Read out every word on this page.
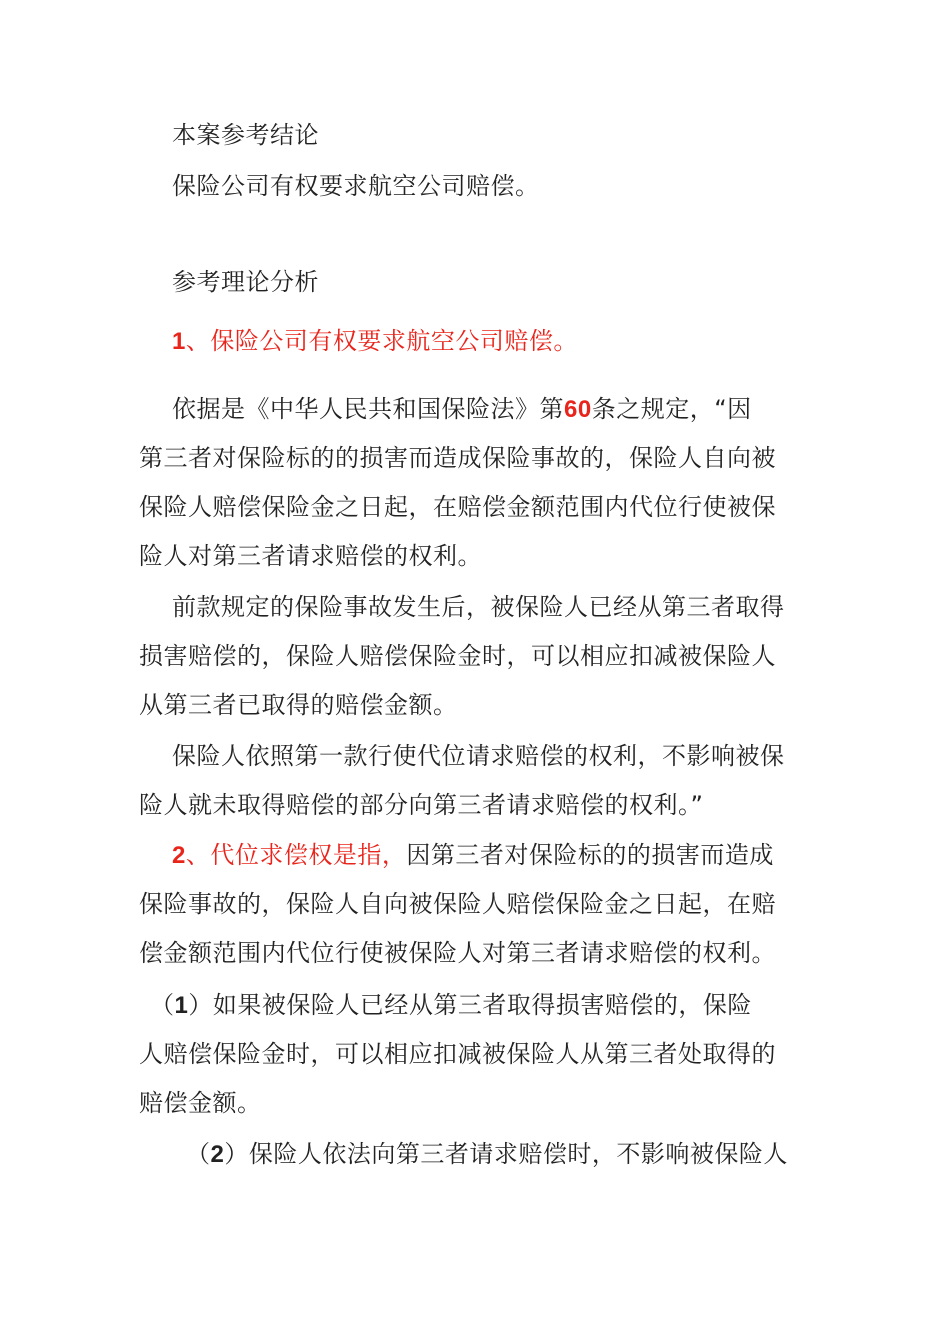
本案参考结论
保险公司有权要求航空公司赔偿。
参考理论分析
1、保险公司有权要求航空公司赔偿。
依据是《中华人民共和国保险法》第60条之规定，“因
第三者对保险标的的损害而造成保险事故的，保险人自向被
保险人赔偿保险金之日起，在赔偿金额范围内代位行使被保
险人对第三者请求赔偿的权利。
前款规定的保险事故发生后，被保险人已经从第三者取得
损害赔偿的，保险人赔偿保险金时，可以相应扣减被保险人
从第三者已取得的赔偿金额。
保险人依照第一款行使代位请求赔偿的权利，不影响被保
险人就未取得赔偿的部分向第三者请求赔偿的权利。”
2、代位求偿权是指，因第三者对保险标的的损害而造成
保险事故的，保险人自向被保险人赔偿保险金之日起，在赔
偿金额范围内代位行使被保险人对第三者请求赔偿的权利。
（1）如果被保险人已经从第三者取得损害赔偿的，保险
人赔偿保险金时，可以相应扣减被保险人从第三者处取得的
赔偿金额。
（2）保险人依法向第三者请求赔偿时，不影响被保险人
